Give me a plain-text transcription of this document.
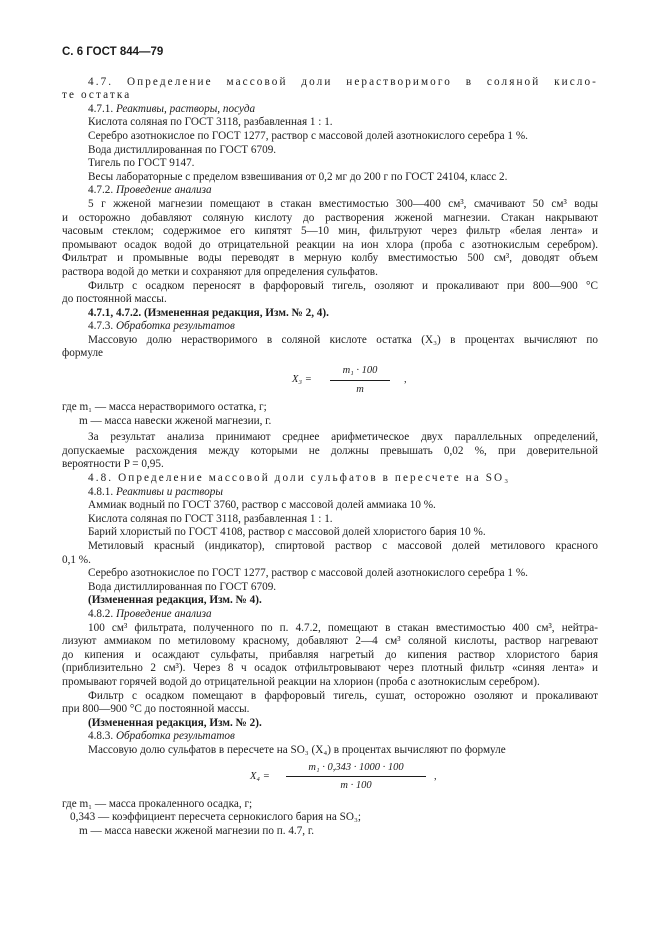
С. 6 ГОСТ 844—79
4.7. Определение массовой доли нерастворимого в соляной кисло-
те остатка
4.7.1. Реактивы, растворы, посуда
Кислота соляная по ГОСТ 3118, разбавленная 1 : 1.
Серебро азотнокислое по ГОСТ 1277, раствор с массовой долей азотнокислого серебра 1 %.
Вода дистиллированная по ГОСТ 6709.
Тигель по ГОСТ 9147.
Весы лабораторные с пределом взвешивания от 0,2 мг до 200 г по ГОСТ 24104, класс 2.
4.7.2. Проведение анализа
5 г жженой магнезии помещают в стакан вместимостью 300—400 см³, смачивают 50 см³ воды
и осторожно добавляют соляную кислоту до растворения жженой магнезии. Стакан накрывают
часовым стеклом; содержимое его кипятят 5—10 мин, фильтруют через фильтр «белая лента» и
промывают осадок водой до отрицательной реакции на ион хлора (проба с азотнокислым серебром).
Фильтрат и промывные воды переводят в мерную колбу вместимостью 500 см³, доводят объем
раствора водой до метки и сохраняют для определения сульфатов.
Фильтр с осадком переносят в фарфоровый тигель, озоляют и прокаливают при 800—900 °С
до постоянной массы.
4.7.1, 4.7.2. (Измененная редакция, Изм. № 2, 4).
4.7.3. Обработка результатов
Массовую долю нерастворимого в соляной кислоте остатка (X₃) в процентах вычисляют по
формуле
$X_3 = \frac{\text{m₁ · 100}}{m}$ ,
где m₁ — масса нерастворимого остатка, г;
m — масса навески жженой магнезии, г.
За результат анализа принимают среднее арифметическое двух параллельных определений,
допускаемые расхождения между которыми не должны превышать 0,02 %, при доверительной
вероятности P = 0,95.
4.8. Определение массовой доли сульфатов в пересчете на SO₃
4.8.1. Реактивы и растворы
Аммиак водный по ГОСТ 3760, раствор с массовой долей аммиака 10 %.
Кислота соляная по ГОСТ 3118, разбавленная 1 : 1.
Барий хлористый по ГОСТ 4108, раствор с массовой долей хлористого бария 10 %.
Метиловый красный (индикатор), спиртовой раствор с массовой долей метилового красного
0,1 %.
Серебро азотнокислое по ГОСТ 1277, раствор с массовой долей азотнокислого серебра 1 %.
Вода дистиллированная по ГОСТ 6709.
(Измененная редакция, Изм. № 4).
4.8.2. Проведение анализа
100 см³ фильтрата, полученного по п. 4.7.2, помещают в стакан вместимостью 400 см³, нейтра-
лизуют аммиаком по метиловому красному, добавляют 2—4 см³ соляной кислоты, раствор нагревают
до кипения и осаждают сульфаты, прибавляя нагретый до кипения раствор хлористого бария
(приблизительно 2 см³). Через 8 ч осадок отфильтровывают через плотный фильтр «синяя лента» и
промывают горячей водой до отрицательной реакции на хлорион (проба с азотнокислым серебром).
Фильтр с осадком помещают в фарфоровый тигель, сушат, осторожно озоляют и прокаливают
при 800—900 °С до постоянной массы.
(Измененная редакция, Изм. № 2).
4.8.3. Обработка результатов
Массовую долю сульфатов в пересчете на SO₃ (X₄) в процентах вычисляют по формуле
$X_4 = \frac{\text{m₁ · 0,343 · 1000 · 100}}{m \cdot 100}$ ,
где m₁ — масса прокаленного осадка, г;
0,343 — коэффициент пересчета сернокислого бария на SO₃;
m — масса навески жженой магнезии по п. 4.7, г.
